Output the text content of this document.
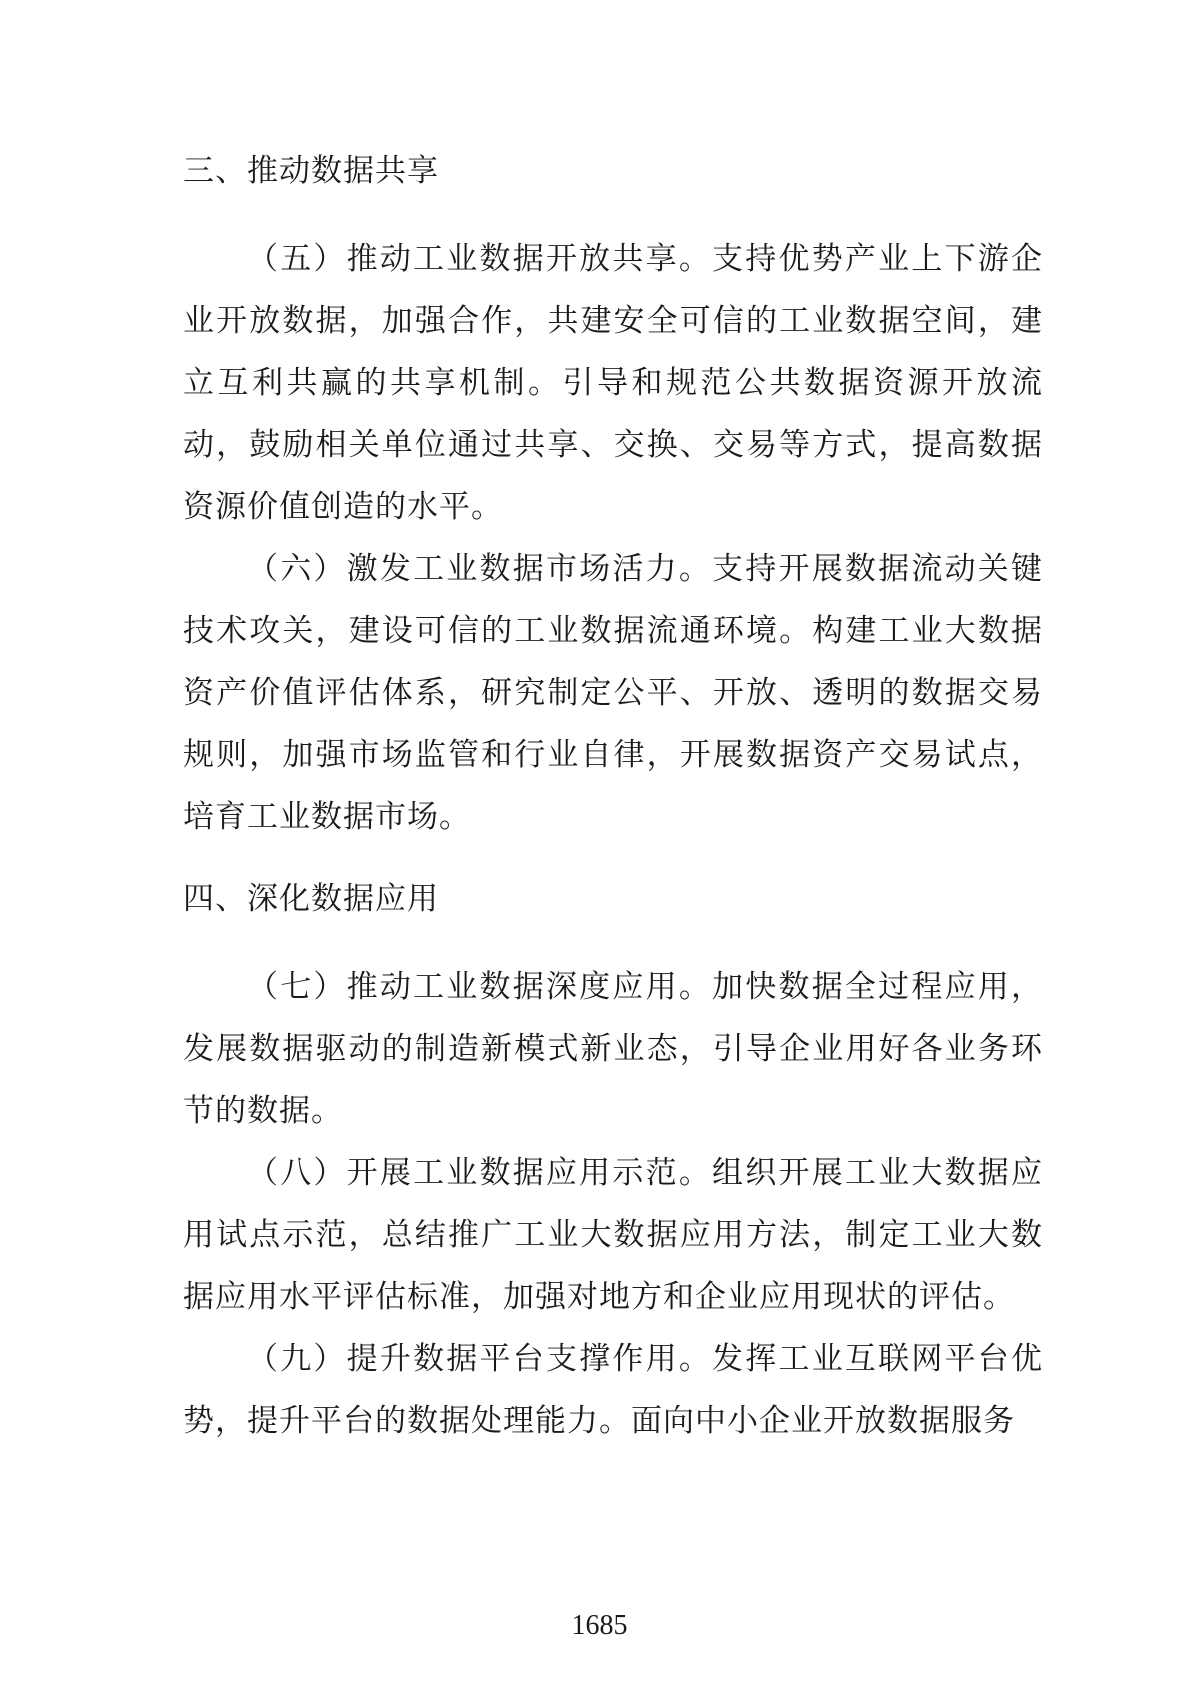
三、推动数据共享

（五）推动工业数据开放共享。支持优势产业上下游企业开放数据，加强合作，共建安全可信的工业数据空间，建立互利共赢的共享机制。引导和规范公共数据资源开放流动，鼓励相关单位通过共享、交换、交易等方式，提高数据资源价值创造的水平。

（六）激发工业数据市场活力。支持开展数据流动关键技术攻关，建设可信的工业数据流通环境。构建工业大数据资产价值评估体系，研究制定公平、开放、透明的数据交易规则，加强市场监管和行业自律，开展数据资产交易试点，培育工业数据市场。

四、深化数据应用

（七）推动工业数据深度应用。加快数据全过程应用，发展数据驱动的制造新模式新业态，引导企业用好各业务环节的数据。

（八）开展工业数据应用示范。组织开展工业大数据应用试点示范，总结推广工业大数据应用方法，制定工业大数据应用水平评估标准，加强对地方和企业应用现状的评估。

（九）提升数据平台支撑作用。发挥工业互联网平台优势，提升平台的数据处理能力。面向中小企业开放数据服务

1685
